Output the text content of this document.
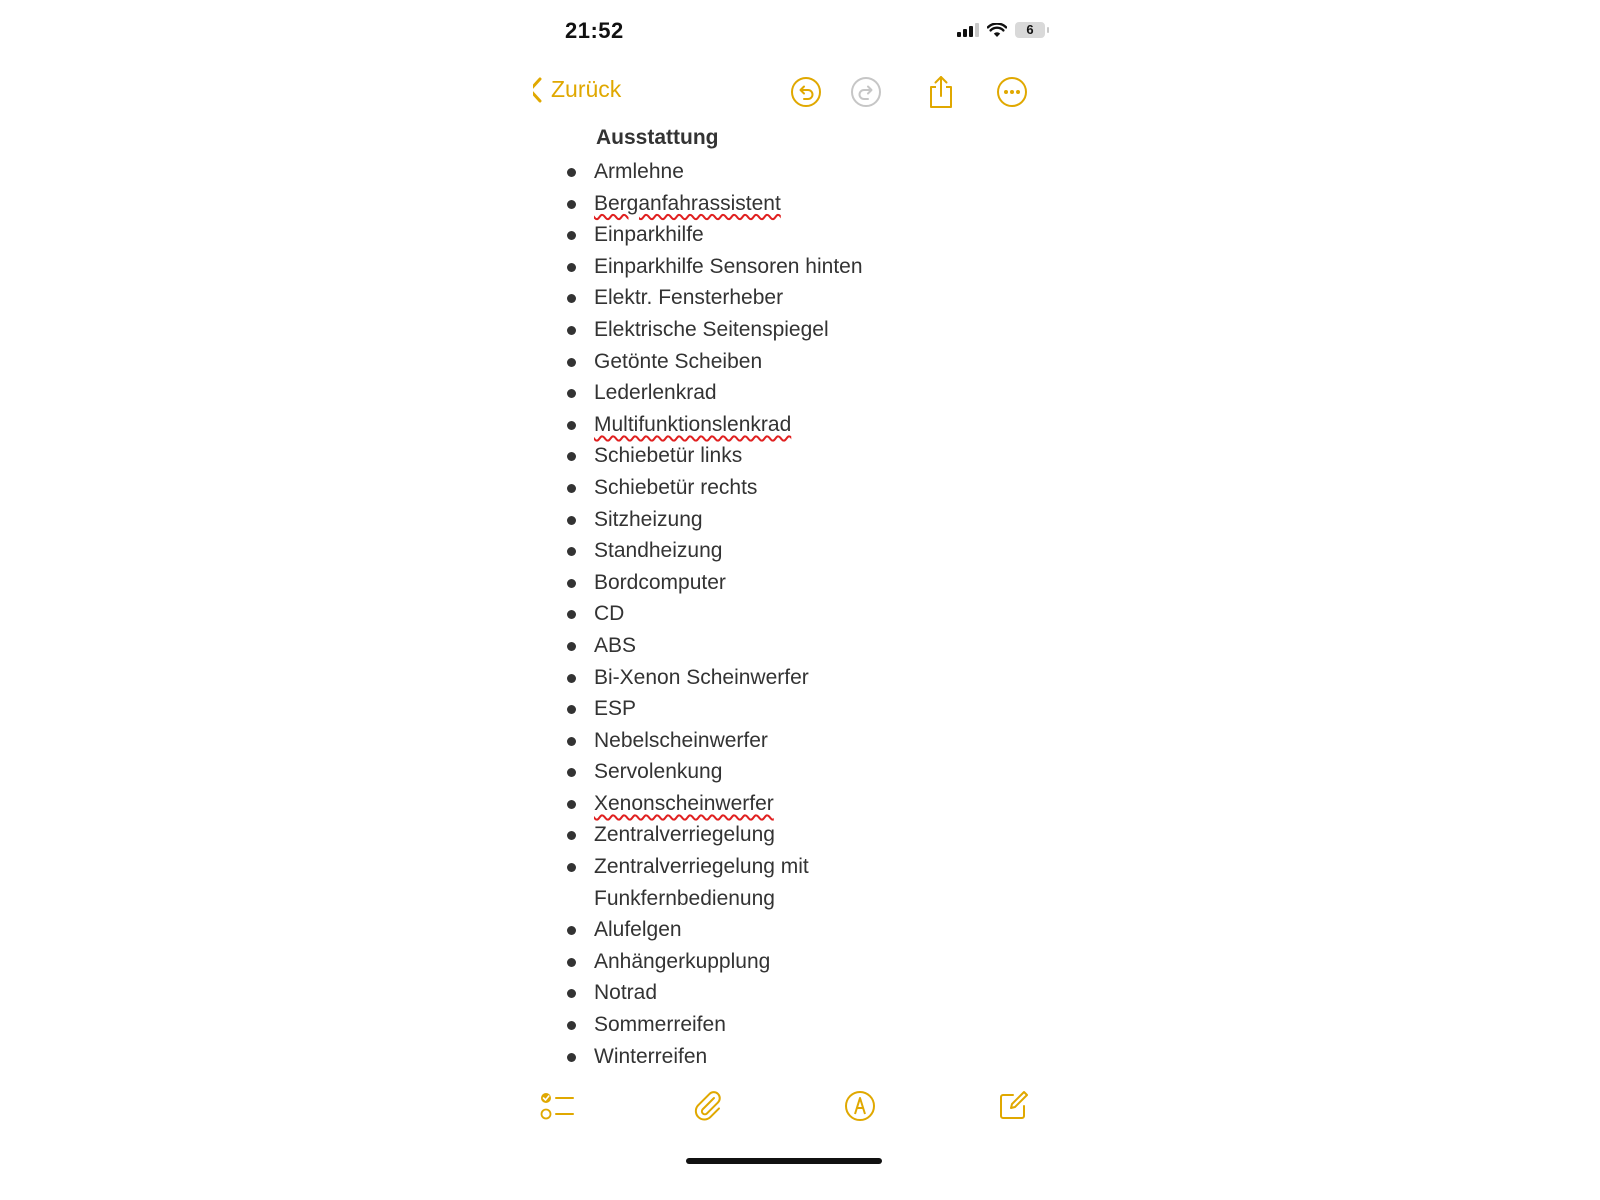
21:52	6
Zurück
Ausstattung
Armlehne
Berganfahrassistent
Einparkhilfe
Einparkhilfe Sensoren hinten
Elektr. Fensterheber
Elektrische Seitenspiegel
Getönte Scheiben
Lederlenkrad
Multifunktionslenkrad
Schiebetür links
Schiebetür rechts
Sitzheizung
Standheizung
Bordcomputer
CD
ABS
Bi-Xenon Scheinwerfer
ESP
Nebelscheinwerfer
Servolenkung
Xenonscheinwerfer
Zentralverriegelung
Zentralverriegelung mit Funkfernbedienung
Alufelgen
Anhängerkupplung
Notrad
Sommerreifen
Winterreifen
